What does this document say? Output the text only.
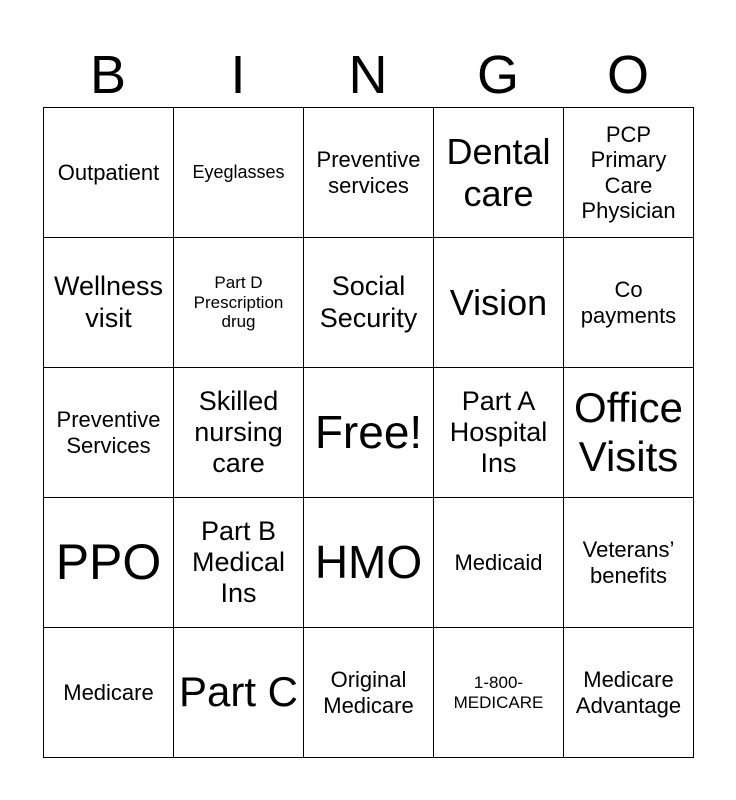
B	I	N	G	O
Outpatient	Eyeglasses	Preventive services	Dental care	PCP Primary Care Physician
Wellness visit	Part D Prescription drug	Social Security	Vision	Co payments
Preventive Services	Skilled nursing care	Free!	Part A Hospital Ins	Office Visits
PPO	Part B Medical Ins	HMO	Medicaid	Veterans’ benefits
Medicare	Part C	Original Medicare	1-800-MEDICARE	Medicare Advantage
